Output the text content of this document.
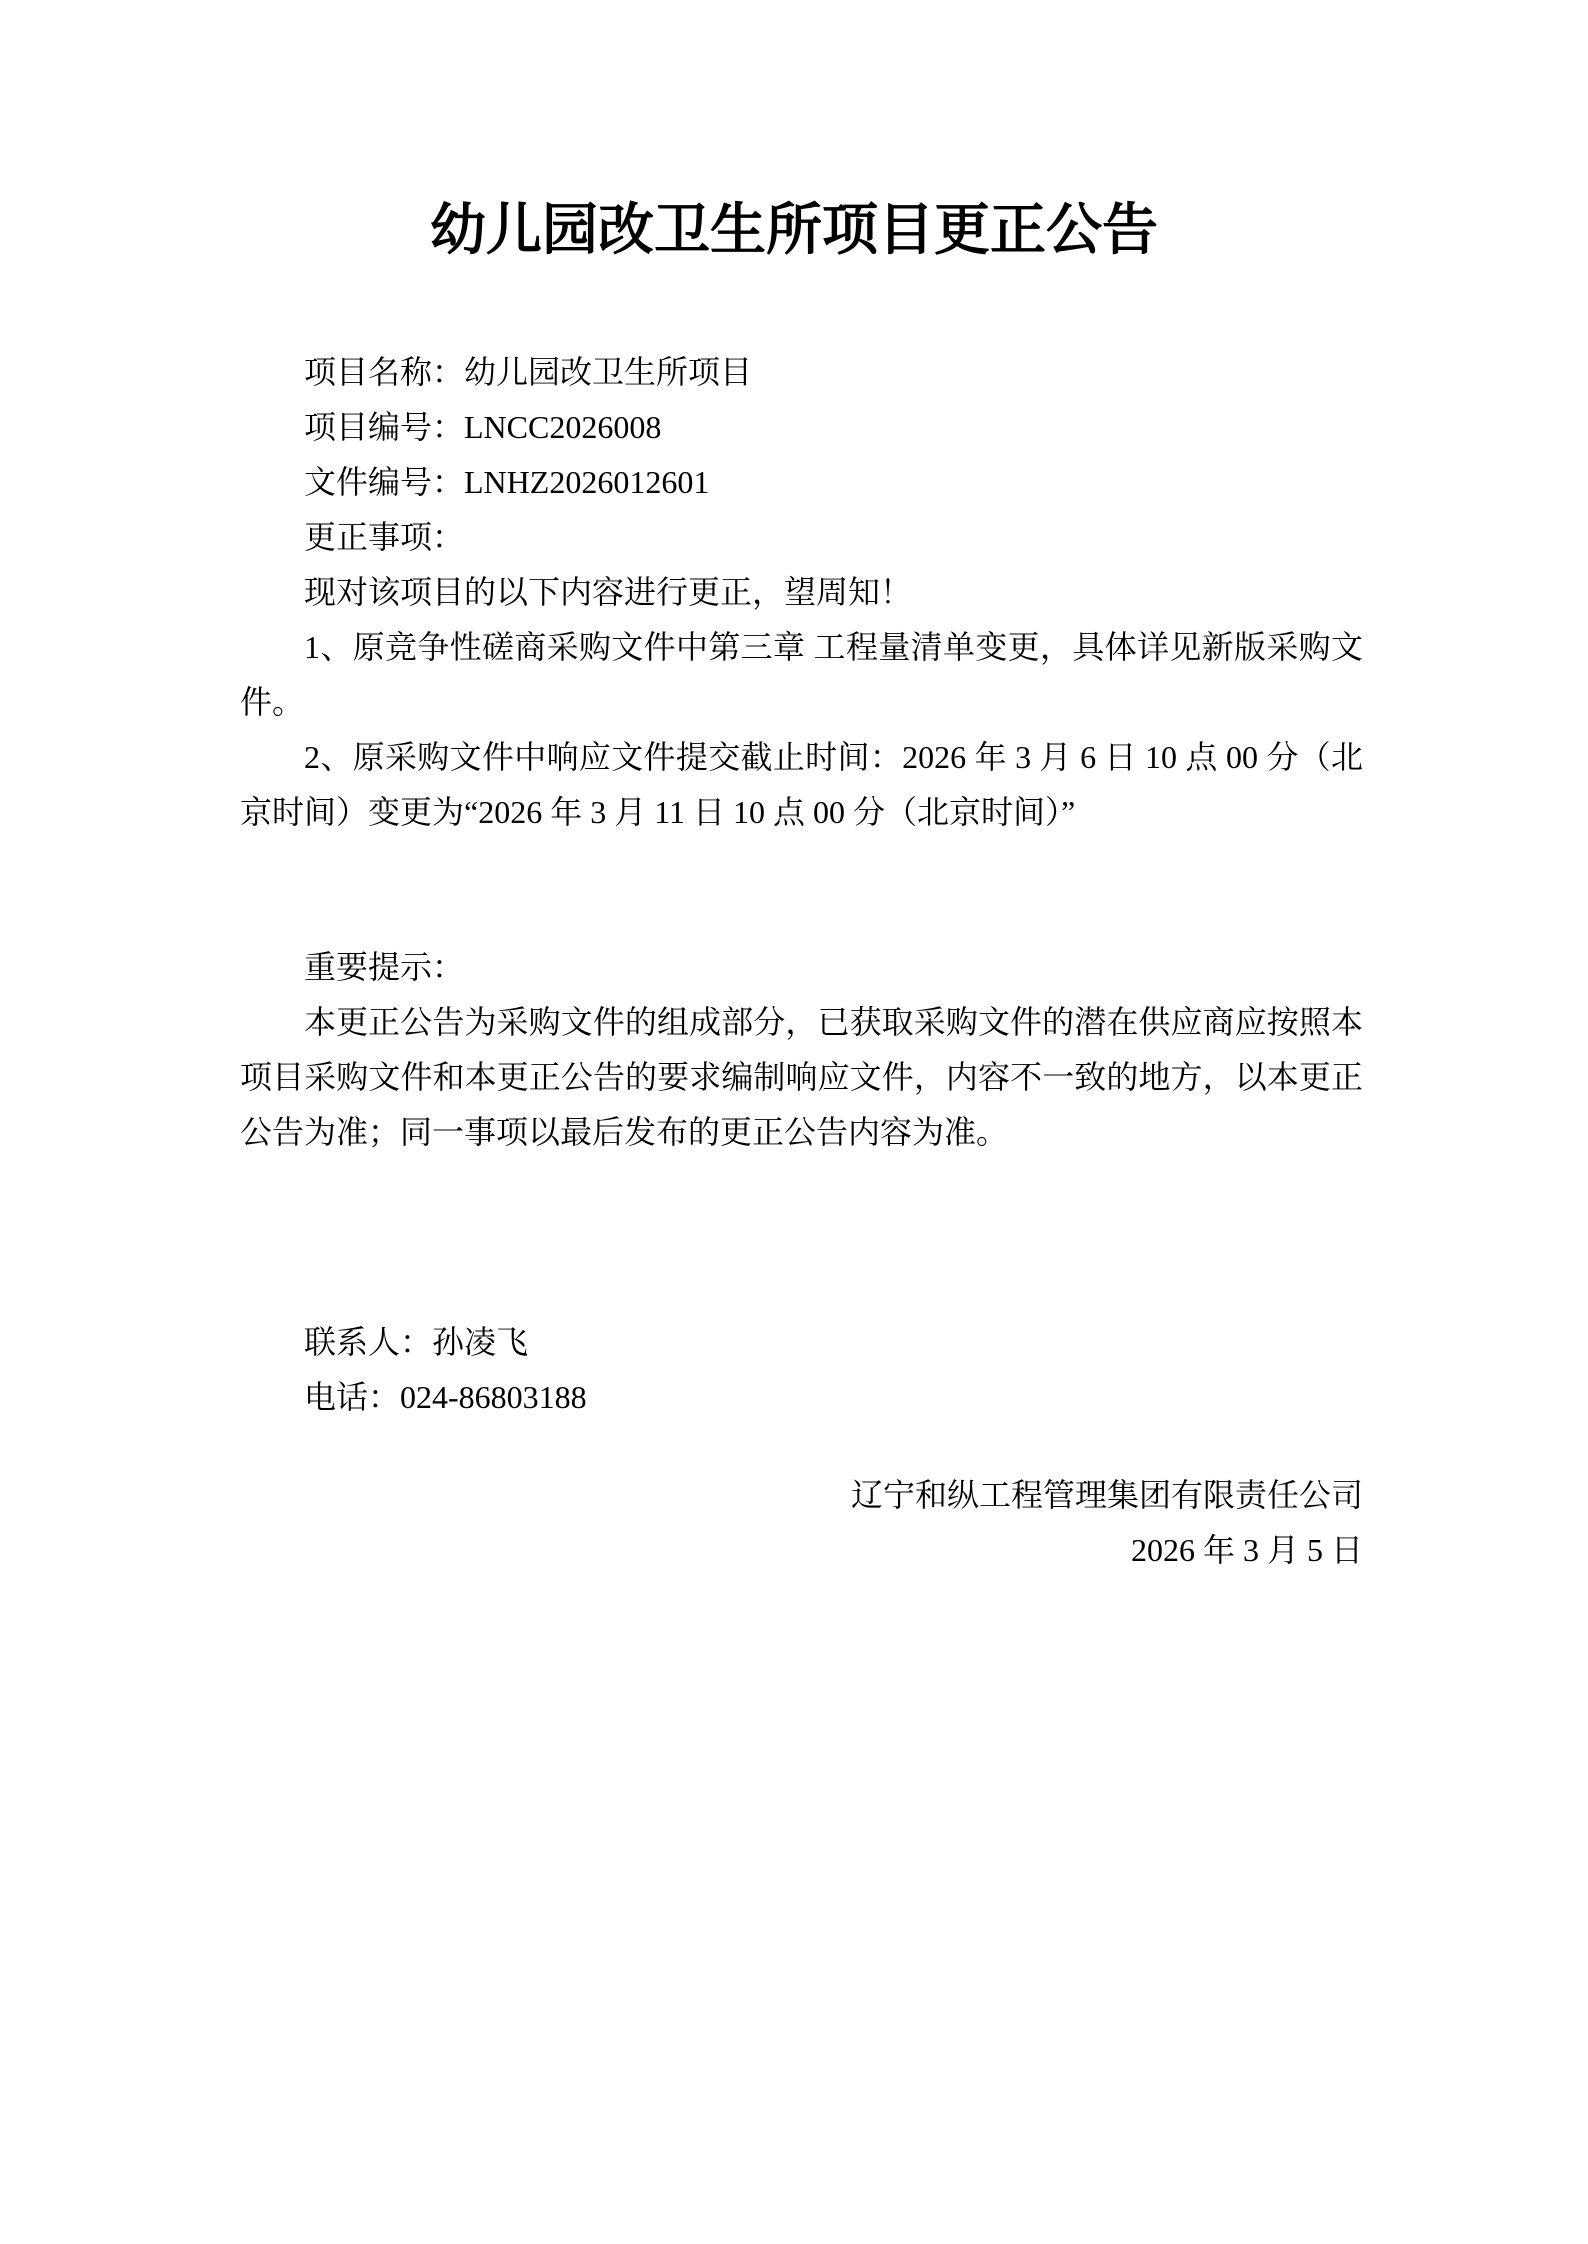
幼儿园改卫生所项目更正公告

项目名称：幼儿园改卫生所项目

项目编号：LNCC2026008

文件编号：LNHZ2026012601

更正事项：

现对该项目的以下内容进行更正，望周知！

1、原竞争性磋商采购文件中第三章 工程量清单变更，具体详见新版采购文件。

2、原采购文件中响应文件提交截止时间：2026 年 3 月 6 日 10 点 00 分（北京时间）变更为“2026 年 3 月 11 日 10 点 00 分（北京时间）”

重要提示：

本更正公告为采购文件的组成部分，已获取采购文件的潜在供应商应按照本项目采购文件和本更正公告的要求编制响应文件，内容不一致的地方，以本更正公告为准；同一事项以最后发布的更正公告内容为准。

联系人：孙凌飞

电话：024-86803188

辽宁和纵工程管理集团有限责任公司

2026 年 3 月 5 日
